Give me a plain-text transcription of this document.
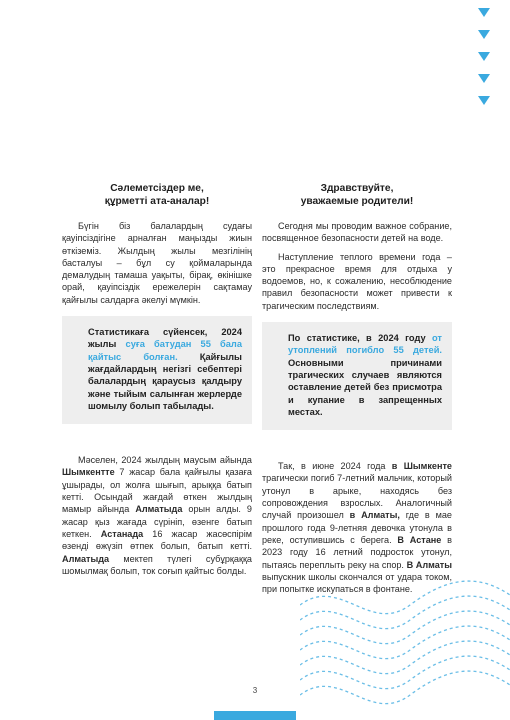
Сәлеметсіздер ме,
құрметті ата-аналар!

Бүгін біз балалардың судағы қауіпсіздігіне арналған маңызды жиын өткіземіз. Жылдың жылы мезгілінің басталуы – бұл су қоймаларында демалудың тамаша уақыты, бірақ, өкінішке орай, қауіпсіздік ережелерін сақтамау қайғылы салдарға әкелуі мүмкін.

Статистикаға сүйенсек, 2024 жылы суға батудан 55 бала қайтыс болған. Қайғылы жағдайлардың негізгі себептері балалардың қараусыз қалдыру және тыйым салынған жерлерде шомылу болып табылады.

Мәселен, 2024 жылдың маусым айында Шымкентте 7 жасар бала қайғылы қазаға ұшырады, ол жолға шығып, арыққа батып кетті. Осындай жағдай өткен жылдың мамыр айында Алматыда орын алды. 9 жасар қыз жағада сүрініп, өзенге батып кеткен. Астанада 16 жасар жасөспірім өзенді өжүзіп өтпек болып, батып кетті. Алматыда мектеп түлегі субұрқаққа шомылмақ болып, ток соғып қайтыс болды.

Здравствуйте,
уважаемые родители!

Сегодня мы проводим важное собрание, посвященное безопасности детей на воде.

Наступление теплого времени года – это прекрасное время для отдыха у водоемов, но, к сожалению, несоблюдение правил безопасности может привести к трагическим последствиям.

По статистике, в 2024 году от утоплений погибло 55 детей. Основными причинами трагических случаев являются оставление детей без присмотра и купание в запрещенных местах.

Так, в июне 2024 года в Шымкенте трагически погиб 7-летний мальчик, который утонул в арыке, находясь без сопровождения взрослых. Аналогичный случай произошел в Алматы, где в мае прошлого года 9-летняя девочка утонула в реке, оступившись с берега. В Астане в 2023 году 16 летний подросток утонул, пытаясь переплыть реку на спор. В Алматы выпускник школы скончался от удара током, при попытке искупаться в фонтане.

3
